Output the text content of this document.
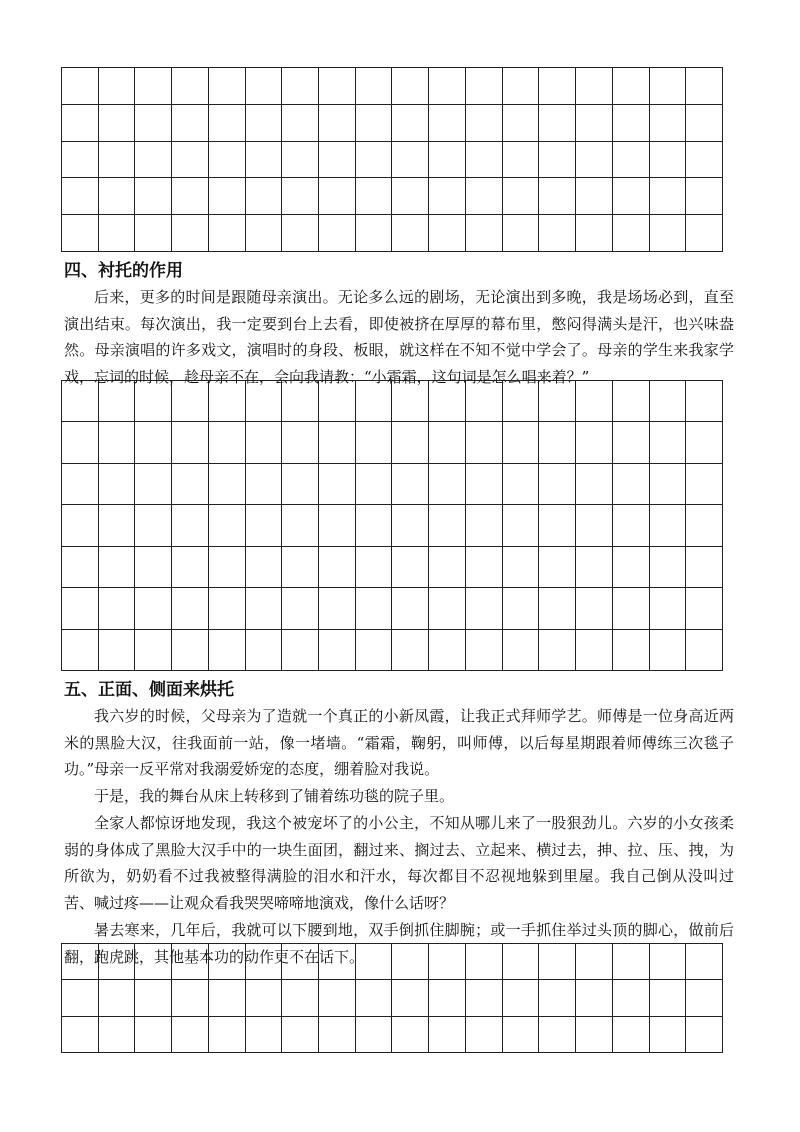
四、衬托的作用

后来，更多的时间是跟随母亲演出。无论多么远的剧场，无论演出到多晚，我是场场必到，直至演出结束。每次演出，我一定要到台上去看，即使被挤在厚厚的幕布里，憋闷得满头是汗，也兴味盎然。母亲演唱的许多戏文，演唱时的身段、板眼，就这样在不知不觉中学会了。母亲的学生来我家学戏，忘词的时候，趁母亲不在，会向我请教：“小霜霜，这句词是怎么唱来着？”

五、正面、侧面来烘托

我六岁的时候，父母亲为了造就一个真正的小新凤霞，让我正式拜师学艺。师傅是一位身高近两米的黑脸大汉，往我面前一站，像一堵墙。“霜霜，鞠躬，叫师傅，以后每星期跟着师傅练三次毯子功。”母亲一反平常对我溺爱娇宠的态度，绷着脸对我说。

于是，我的舞台从床上转移到了铺着练功毯的院子里。

全家人都惊讶地发现，我这个被宠坏了的小公主，不知从哪儿来了一股狠劲儿。六岁的小女孩柔弱的身体成了黑脸大汉手中的一块生面团，翻过来、搁过去、立起来、横过去，抻、拉、压、拽，为所欲为，奶奶看不过我被整得满脸的泪水和汗水，每次都目不忍视地躲到里屋。我自己倒从没叫过苦、喊过疼——让观众看我哭哭啼啼地演戏，像什么话呀？

暑去寒来，几年后，我就可以下腰到地，双手倒抓住脚腕；或一手抓住举过头顶的脚心，做前后翻，跑虎跳，其他基本功的动作更不在话下。
